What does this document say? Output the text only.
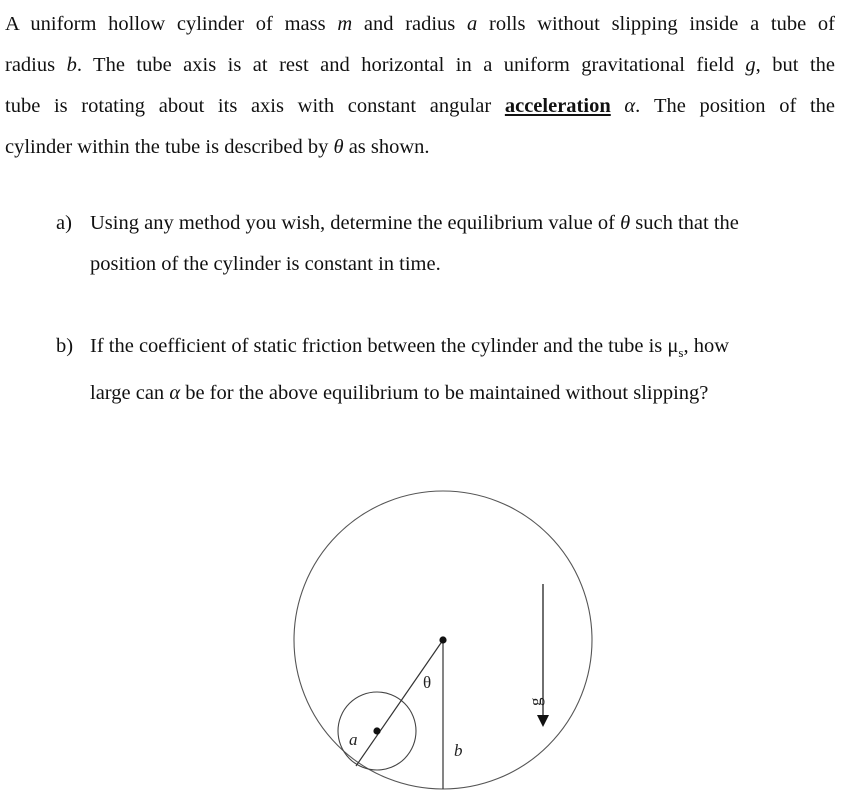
A uniform hollow cylinder of mass m and radius a rolls without slipping inside a tube of
radius b. The tube axis is at rest and horizontal in a uniform gravitational field g, but the
tube is rotating about its axis with constant angular acceleration α. The position of the
cylinder within the tube is described by θ as shown.
a) Using any method you wish, determine the equilibrium value of θ such that the
position of the cylinder is constant in time.
b) If the coefficient of static friction between the cylinder and the tube is $\mu_s$, how
large can α be for the above equilibrium to be maintained without slipping?
θ
a
b
g
